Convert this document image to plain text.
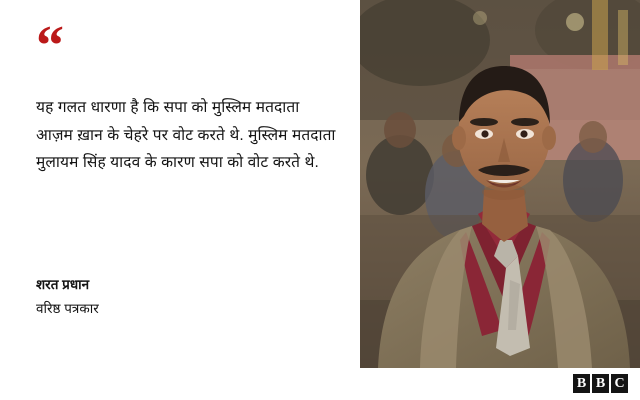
“
यह गलत धारणा है कि सपा को मुस्लिम मतदाता आज़म ख़ान के चेहरे पर वोट करते थे. मुस्लिम मतदाता मुलायम सिंह यादव के कारण सपा को वोट करते थे.
शरत प्रधान
वरिष्ठ पत्रकार
B B C
